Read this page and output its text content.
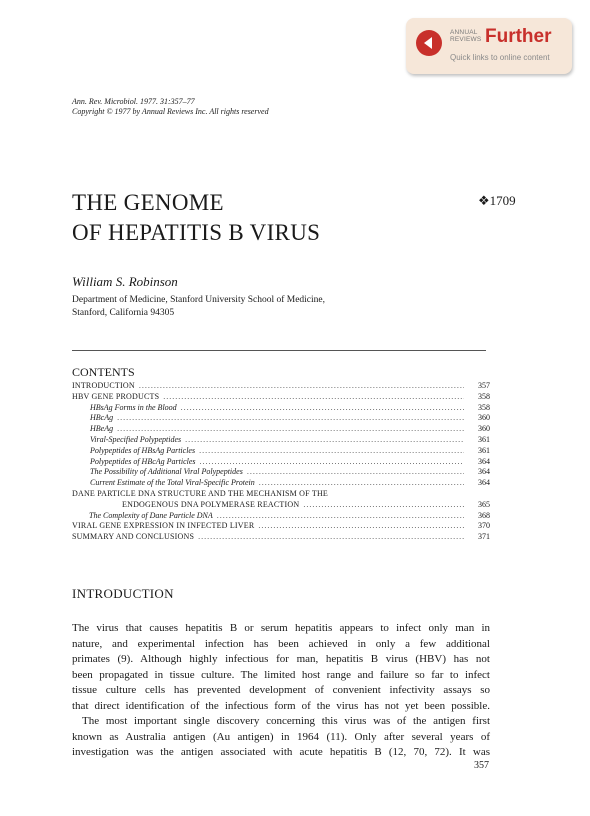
ANNUAL
REVIEWS Further
Quick links to online content
Ann. Rev. Microbiol. 1977. 31:357–77
Copyright © 1977 by Annual Reviews Inc. All rights reserved
THE GENOME
OF HEPATITIS B VIRUS
❖1709
William S. Robinson
Department of Medicine, Stanford University School of Medicine,
Stanford, California 94305
CONTENTS
INTRODUCTION .....	357
HBV GENE PRODUCTS .....	358
HBsAg Forms in the Blood .....	358
HBcAg .....	360
HBeAg .....	360
Viral-Specified Polypeptides .....	361
Polypeptides of HBsAg Particles .....	361
Polypeptides of HBcAg Particles .....	364
The Possibility of Additional Viral Polypeptides .....	364
Current Estimate of the Total Viral-Specific Protein .....	364
DANE PARTICLE DNA STRUCTURE AND THE MECHANISM OF THE
ENDOGENOUS DNA POLYMERASE REACTION .....	365
The Complexity of Dane Particle DNA .....	368
VIRAL GENE EXPRESSION IN INFECTED LIVER .....	370
SUMMARY AND CONCLUSIONS .....	371
INTRODUCTION
The virus that causes hepatitis B or serum hepatitis appears to infect only man in
nature, and experimental infection has been achieved in only a few additional
primates (9). Although highly infectious for man, hepatitis B virus (HBV) has not
been propagated in tissue culture. The limited host range and failure so far to infect
tissue culture cells has prevented development of convenient infectivity assays so
that direct identification of the infectious form of the virus has not yet been possible.
The most important single discovery concerning this virus was of the antigen first
known as Australia antigen (Au antigen) in 1964 (11). Only after several years of
investigation was the antigen associated with acute hepatitis B (12, 70, 72). It was
357
